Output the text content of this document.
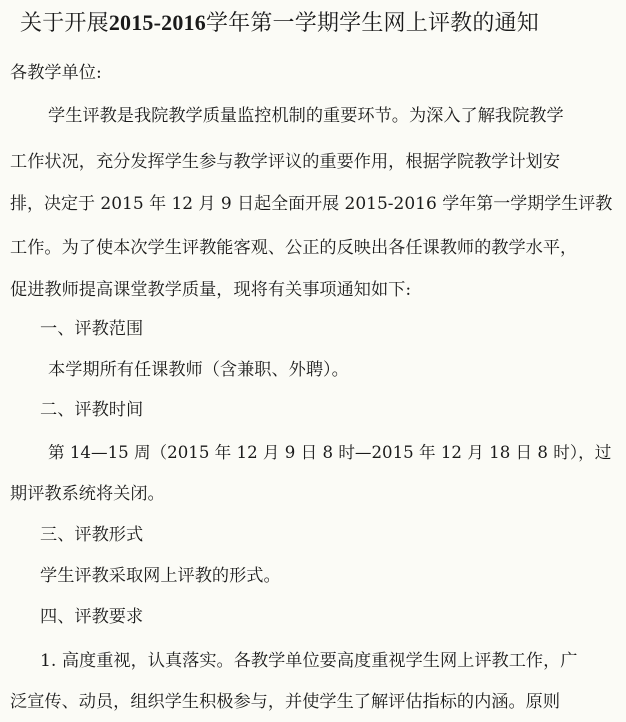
关于开展2015-2016学年第一学期学生网上评教的通知
各教学单位:
学生评教是我院教学质量监控机制的重要环节。为深入了解我院教学
工作状况，充分发挥学生参与教学评议的重要作用，根据学院教学计划安
排，决定于 2015 年 12 月 9 日起全面开展 2015-2016 学年第一学期学生评教
工作。为了使本次学生评教能客观、公正的反映出各任课教师的教学水平，
促进教师提高课堂教学质量，现将有关事项通知如下:
一、评教范围
本学期所有任课教师（含兼职、外聘）。
二、评教时间
第 14—15 周（2015 年 12 月 9 日 8 时—2015 年 12 月 18 日 8 时），过
期评教系统将关闭。
三、评教形式
学生评教采取网上评教的形式。
四、评教要求
1. 高度重视，认真落实。各教学单位要高度重视学生网上评教工作，广
泛宣传、动员，组织学生积极参与，并使学生了解评估指标的内涵。原则
